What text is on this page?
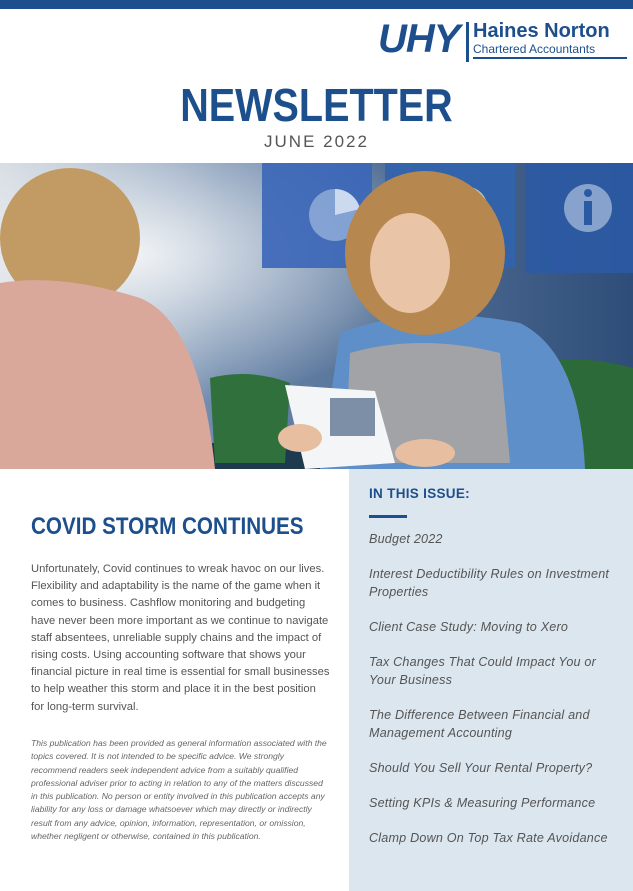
UHY Haines Norton
Chartered Accountants
NEWSLETTER
JUNE 2022
COVID STORM CONTINUES
Unfortunately, Covid continues to wreak havoc on our lives. Flexibility and adaptability is the name of the game when it comes to business. Cashflow monitoring and budgeting have never been more important as we continue to navigate staff absentees, unreliable supply chains and the impact of rising costs. Using accounting software that shows your financial picture in real time is essential for small businesses to help weather this storm and place it in the best position for long-term survival.
This publication has been provided as general information associated with the topics covered. It is not intended to be specific advice. We strongly recommend readers seek independent advice from a suitably qualified professional adviser prior to acting in relation to any of the matters discussed in this publication. No person or entity involved in this publication accepts any liability for any loss or damage whatsoever which may directly or indirectly result from any advice, opinion, information, representation, or omission, whether negligent or otherwise, contained in this publication.
IN THIS ISSUE:
Budget 2022
Interest Deductibility Rules on Investment Properties
Client Case Study: Moving to Xero
Tax Changes That Could Impact You or Your Business
The Difference Between Financial and Management Accounting
Should You Sell Your Rental Property?
Setting KPIs & Measuring Performance
Clamp Down On Top Tax Rate Avoidance
